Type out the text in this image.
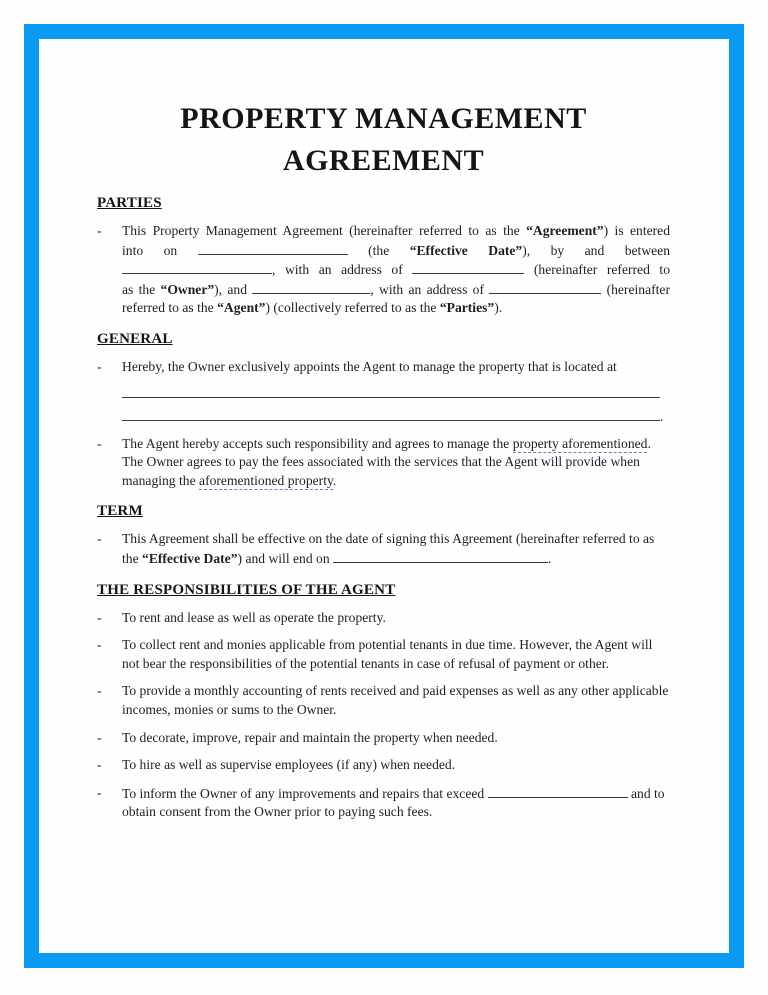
PROPERTY MANAGEMENT
AGREEMENT
PARTIES
-	This Property Management Agreement (hereinafter referred to as the “Agreement”) is entered
into on	(the “Effective Date”), by and between
, with an address of	(hereinafter referred to
as the “Owner”), and	, with an address of	(hereinafter
referred to as the “Agent”) (collectively referred to as the “Parties”).
GENERAL
-	Hereby, the Owner exclusively appoints the Agent to manage the property that is located at
.
-	The Agent hereby accepts such responsibility and agrees to manage the property aforementioned.
The Owner agrees to pay the fees associated with the services that the Agent will provide when managing the aforementioned property.
TERM
-	This Agreement shall be effective on the date of signing this Agreement (hereinafter referred to as the “Effective Date”) and will end on	.
THE RESPONSIBILITIES OF THE AGENT
-	To rent and lease as well as operate the property.
-	To collect rent and monies applicable from potential tenants in due time. However, the Agent will not bear the responsibilities of the potential tenants in case of refusal of payment or other.
-	To provide a monthly accounting of rents received and paid expenses as well as any other applicable incomes, monies or sums to the Owner.
-	To decorate, improve, repair and maintain the property when needed.
-	To hire as well as supervise employees (if any) when needed.
-	To inform the Owner of any improvements and repairs that exceed	and to obtain consent from the Owner prior to paying such fees.
